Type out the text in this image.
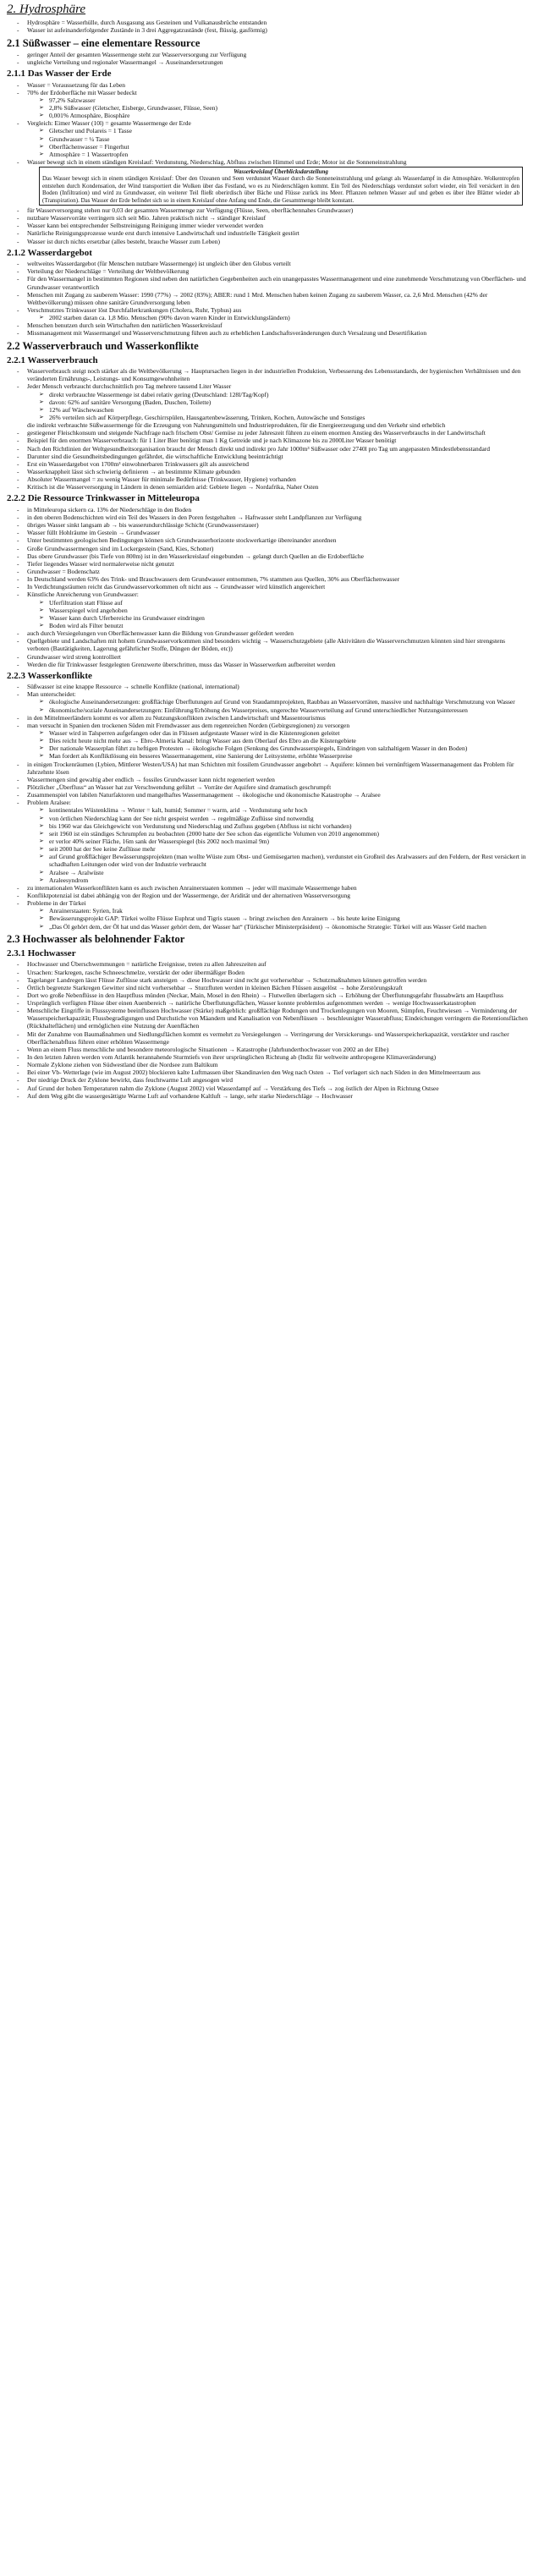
2. Hydrosphäre
- Hydrosphäre = Wasserhülle, durch Ausgasung aus Gesteinen und Vulkanausbrüche entstanden
- Wasser ist aufeinanderfolgender Zustände in 3 drei Aggregatzustände (fest, flüssig, gasförmig)
2.1 Süßwasser – eine elementare Ressource
- geringer Anteil der gesamten Wassermenge steht zur Wasserversorgung zur Verfügung
- ungleiche Verteilung und regionaler Wassermangel → Auseinandersetzungen
2.1.1 Das Wasser der Erde
- Wasser = Voraussetzung für das Leben
- 70% der Erdoberfläche mit Wasser bedeckt
➢ 97,2% Salzwasser
➢ 2,8% Süßwasser (Gletscher, Eisberge, Grundwasser, Flüsse, Seen)
➢ 0,001% Atmosphäre, Biosphäre
- Vergleich: Eimer Wasser (10l) = gesamte Wassermenge der Erde
➢ Gletscher und Polareis = 1 Tasse
➢ Grundwasser = ¼ Tasse
➢ Oberflächenwasser = Fingerhut
➢ Atmosphäre = 1 Wassertropfen
- Wasser bewegt sich in einem ständigen Kreislauf: Verdunstung, Niederschlag, Abfluss zwischen Himmel und Erde; Motor ist die Sonneneinstrahlung
Wasserkreislauf Überblicksdarstellung

Das Wasser bewegt sich in einem ständigen Kreislauf: Über den Ozeanen und Seen verdunstet Wasser durch die Sonneneinstrahlung und gelangt als Wasserdampf in die Atmosphäre. Wolkentropfen entstehen durch Kondensation, der Wind transportiert die Wolken über das Festland, wo es zu Niederschlägen kommt. Ein Teil des Niederschlags verdunstet sofort wieder, ein Teil versickert in den Boden (Infiltration) und wird zu Grundwasser, ein weiterer Teil fließt oberirdisch über Bäche und Flüsse zurück ins Meer. Pflanzen nehmen Wasser auf und geben es über ihre Blätter wieder ab (Transpiration). Das Wasser der Erde befindet sich so in einem Kreislauf ohne Anfang und Ende, die Gesamtmenge bleibt konstant.

- für Wasserversorgung stehen nur 0,03 der gesamten Wassermenge zur Verfügung (Flüsse, Seen, oberflächennahes Grundwasser)
- nutzbare Wasservorräte verringern sich seit Mio. Jahren praktisch nicht → ständiger Kreislauf
- Wasser kann bei entsprechender Selbstreinigung Reinigung immer wieder verwendet werden
- Natürliche Reinigungsprozesse wurde erst durch intensive Landwirtschaft und industrielle Tätigkeit gestört
- Wasser ist durch nichts ersetzbar (alles besteht, brauche Wasser zum Leben)
2.1.2 Wasserdargebot
- weltweites Wasserdargebot (für Menschen nutzbare Wassermenge) ist ungleich über den Globus verteilt
- Verteilung der Niederschläge = Verteilung der Weltbevölkerung
- Für den Wassermangel in bestimmten Regionen sind neben den natürlichen Gegebenheiten auch ein unangepasstes Wassermanagement und eine zunehmende Verschmutzung von Oberflächen- und Grundwasser verantwortlich
- Menschen mit Zugang zu sauberem Wasser: 1990 (77%) → 2002 (83%); ABER: rund 1 Mrd. Menschen haben keinen Zugang zu sauberem Wasser, ca. 2,6 Mrd. Menschen (42% der Weltbevölkerung) müssen ohne sanitäre Grundversorgung leben
- Verschmutztes Trinkwasser löst Durchfallerkrankungen (Cholera, Ruhr, Typhus) aus
➢ 2002 starben daran ca. 1,8 Mio. Menschen (90% davon waren Kinder in Entwicklungsländern)
- Menschen benutzen durch sein Wirtschaften den natürlichen Wasserkreislauf
- Missmanagement mit Wassermangel und Wasserverschmutzung führen auch zu erheblichen Landschaftsveränderungen durch Versalzung und Desertifikation
2.2 Wasserverbrauch und Wasserkonflikte
2.2.1 Wasserverbrauch
- Wasserverbrauch steigt noch stärker als die Weltbevölkerung → Hauptursachen liegen in der industriellen Produktion, Verbesserung des Lebensstandards, der hygienischen Verhältnissen und den veränderten Ernährungs-, Leistungs- und Konsumgewohnheiten
- Jeder Mensch verbraucht durchschnittlich pro Tag mehrere tausend Liter Wasser
➢ direkt verbrauchte Wassermenge ist dabei relativ gering (Deutschland: 128l/Tag/Kopf)
➢ davon: 62% auf sanitäre Versorgung (Baden, Duschen, Toilette)
➢ 12% auf Wäschewaschen
➢ 26% verteilen sich auf Körperpflege, Geschirrspülen, Hausgartenbewässerung, Trinken, Kochen, Autowäsche und Sonstiges
die indirekt verbrauchte Süßwassermenge für die Erzeugung von Nahrungsmitteln und Industrieprodukten, für die Energieerzeugung und den Verkehr sind erheblich
- gestiegener Fleischkonsum und steigende Nachfrage nach frischem Obst/ Gemüse zu jeder Jahreszeit führen zu einem enormen Anstieg des Wasserverbrauchs in der Landwirtschaft
- Beispiel für den enormen Wasserverbrauch: für 1 Liter Bier benötigt man 1 Kg Getreide und je nach Klimazone bis zu 2000Liter Wasser benötigt
- Nach den Richtlinien der Weltgesundheitsorganisation braucht der Mensch direkt und indirekt pro Jahr 1000m³ Süßwasser oder 2740l pro Tag um angepassten Mindestlebensstandard
- Darunter sind die Gesundheitsbedingungen gefährdet, die wirtschaftliche Entwicklung beeinträchtigt
- Erst ein Wasserdargebot von 1700m³ einwohnerbaren Trinkwassers gilt als ausreichend
- Wasserknappheit lässt sich schwierig definieren → an bestimmte Klimate gebunden
- Absoluter Wassermangel = zu wenig Wasser für minimale Bedürfnisse (Trinkwasser, Hygiene) vorhanden
- Kritisch ist die Wasserversorgung in Ländern in denen semiariden arid: Gebiete liegen → Nordafrika, Naher Osten
2.2.2 Die Ressource Trinkwasser in Mitteleuropa
- in Mitteleuropa sickern ca. 13% der Niederschläge in den Boden
- in den oberen Bodenschichten wird ein Teil des Wassers in den Poren festgehalten → Haftwasser steht Landpflanzen zur Verfügung
- übriges Wasser sinkt langsam ab → bis wasserundurchlässige Schicht (Grundwasserstauer)
- Wasser füllt Hohlräume im Gestein → Grundwasser
- Unter bestimmten geologischen Bedingungen können sich Grundwasserhorizonte stockwerkartige übereinander anordnen
- Große Grundwassermengen sind im Lockergestein (Sand, Kies, Schotter)
- Das obere Grundwasser (bis Tiefe von 800m) ist in den Wasserkreislauf eingebunden → gelangt durch Quellen an die Erdoberfläche
- Tiefer liegendes Wasser wird normalerweise nicht genutzt
- Grundwasser = Bodenschatz
- In Deutschland werden 63% des Trink- und Brauchwassers dem Grundwasser entnommen, 7% stammen aus Quellen, 30% aus Oberflächenwasser
- In Verdichtungsräumen reicht das Grundwasservorkommen oft nicht aus → Grundwasser wird künstlich angereichert
- Künstliche Anreicherung von Grundwasser:
➢ Uferfiltration statt Flüsse auf
➢ Wasserspiegel wird angehoben
➢ Wasser kann durch Uferbereiche ins Grundwasser eindringen
➢ Boden wird als Filter benutzt
- auch durch Versiegelungen von Oberflächenwasser kann die Bildung von Grundwasser gefördert werden
- Quellgebiete und Landschaften mit hohem Grundwasservorkommen sind besonders wichtig → Wasserschutzgebiete (alle Aktivitäten die Wasserverschmutzen könnten sind hier strengstens verboten (Bautätigkeiten, Lagerung gefährlicher Stoffe, Düngen der Böden, etc))
- Grundwasser wird streng kontrolliert
- Werden die für Trinkwasser festgelegten Grenzwerte überschritten, muss das Wasser in Wasserwerken aufbereitet werden
2.2.3 Wasserkonflikte
- Süßwasser ist eine knappe Ressource → schnelle Konflikte (national, international)
- Man unterscheidet:
➢ ökologische Auseinandersetzungen: großflächige Überflutungen auf Grund von Staudammprojekten, Raubbau an Wasservorräten, massive und nachhaltige Verschmutzung von Wasser
➢ ökonomische/soziale Auseinandersetzungen: Einführung/Erhöhung des Wasserpreises, ungerechte Wasserverteilung auf Grund unterschiedlicher Nutzungsinteressen
- in den Mittelmeerländern kommt es vor allem zu Nutzungskonflikten zwischen Landwirtschaft und Massentourismus
- man versucht in Spanien den trockenen Süden mit Fremdwasser aus dem regenreichen Norden (Gebirgsregionen) zu versorgen
➢ Wasser wird in Talsperren aufgefangen oder das in Flüssen aufgestaute Wasser wird in die Küstenregionen geleitet
➢ Dies reicht heute nicht mehr aus → Ebro-Almeria Kanal: bringt Wasser aus dem Oberlauf des Ebro an die Küstengebiete
➢ Der nationale Wasserplan führt zu heftigen Protesten → ökologische Folgen (Senkung des Grundwasserspiegels, Eindringen von salzhaltigem Wasser in den Boden)
➢ Man fordert als Konfliktlösung ein besseres Wassermanagement, eine Sanierung der Leitsysteme, erhöhte Wasserpreise
- in einigen Trockenräumen (Lybien, Mittlerer Westen/USA) hat man Schichten mit fossilem Grundwasser angebohrt → Aquifere: können bei vernünftigem Wassermanagement das Problem für Jahrzehnte lösen
- Wassermengen sind gewaltig aber endlich → fossiles Grundwasser kann nicht regeneriert werden
- Plötzlicher „Überfluss“ an Wasser hat zur Verschwendung geführt → Vorräte der Aquifere sind dramatisch geschrumpft
- Zusammenspiel von labilen Naturfaktoren und mangelhaftes Wassermanagement → ökologische und ökonomische Katastrophe → Aralsee
- Problem Aralsee:
➢ kontinentales Wüstenklima → Winter = kalt, humid; Sommer = warm, arid → Verdunstung sehr hoch
➢ von örtlichen Niederschlag kann der See nicht gespeist werden → regelmäßige Zuflüsse sind notwendig
➢ bis 1960 war das Gleichgewicht von Verdunstung und Niederschlag und Zufluss gegeben (Abfluss ist nicht vorhanden)
➢ seit 1960 ist ein ständiges Schrumpfen zu beobachten (2000 hatte der See schon das eigentliche Volumen von 2010 angenommen)
➢ er verlor 40% seiner Fläche, 16m sank der Wasserspiegel (bis 2002 noch maximal 9m)
➢ seit 2000 hat der See keine Zuflüsse mehr
➢ auf Grund großflächiger Bewässerungsprojekten (man wollte Wüste zum Obst- und Gemüsegarten machen), verdunstet ein Großteil des Aralwassers auf den Feldern, der Rest versickert in schadhaften Leitungen oder wird von der Industrie verbraucht
➢ Aralsee → Aralwüste
➢ Araleesyndrom
- zu internationalen Wasserkonflikten kann es auch zwischen Anrainerstaaten kommen → jeder will maximale Wassermenge haben
- Konfliktpotenzial ist dabei abhängig von der Region und der Wassermenge, der Aridität und der alternativen Wasserversorgung
- Probleme in der Türkei
➢ Anrainerstaaten: Syrien, Irak
➢ Bewässerungsprojekt GAP: Türkei wollte Flüsse Euphrat und Tigris stauen → bringt zwischen den Anrainern → bis heute keine Einigung
➢ „Das Öl gehört dem, der Öl hat und das Wasser gehört dem, der Wasser hat“ (Türkischer Ministerpräsident) → ökonomische Strategie: Türkei will aus Wasser Geld machen
2.3 Hochwasser als belohnender Faktor
2.3.1 Hochwasser
- Hochwasser und Überschwemmungen = natürliche Ereignisse, treten zu allen Jahreszeiten auf
- Ursachen: Starkregen, rasche Schneeschmelze, verstärkt der oder übermäßiger Boden
- Tagelanger Landregen lässt Flüsse Zuflüsse stark ansteigen → diese Hochwasser sind recht gut vorhersehbar → Schutzmaßnahmen können getroffen werden
- Örtlich begrenzte Starkregen Gewitter sind nicht vorhersehbar → Sturzfluten werden in kleinen Bächen Flüssen ausgelöst → hohe Zerstörungskraft
- Dort wo große Nebenflüsse in den Hauptfluss münden (Neckar, Main, Mosel in den Rhein) → Flutwellen überlagern sich → Erhöhung der Überflutungsgefahr flussabwärts am Hauptfluss
- Ursprünglich verfügten Flüsse über einen Auenbereich → natürliche Überflutungsflächen, Wasser konnte problemlos aufgenommen werden → wenige Hochwasserkatastrophen
- Menschliche Eingriffe in Flusssysteme beeinflussen Hochwasser (Stärke) maßgeblich: großflächige Rodungen und Trockenlegungen von Mooren, Sümpfen, Feuchtwiesen → Verminderung der Wasserspeicherkapazität; Flussbegradigungen und Durchstiche von Mäandern und Kanalisation von Nebenflüssen → beschleunigter Wasserabfluss; Eindeichungen verringern die Retentionsflächen (Rückhalteflächen) und ermöglichen eine Nutzung der Auenflächen
- Mit der Zunahme von Baumaßnahmen und Siedlungsflächen kommt es vermehrt zu Versiegelungen → Verringerung der Versickerungs- und Wasserspeicherkapazität, verstärkter und rascher Oberflächenabfluss führen einer erhöhten Wassermenge
- Wenn an einem Fluss menschliche und besondere meteorologische Situationen → Katastrophe (Jahrhunderthochwasser von 2002 an der Elbe)
- In den letzten Jahren werden vom Atlantik herannahende Sturmtiefs von ihrer ursprünglichen Richtung ab (Indiz für weltweite anthropogene Klimaveränderung)
- Normale Zyklone ziehen von Südwestland über die Nordsee zum Baltikum
- Bei einer Vb- Wetterlage (wie im August 2002) blockieren kalte Luftmassen über Skandinavien den Weg nach Osten → Tief verlagert sich nach Süden in den Mittelmeerraum aus
- Der niedrige Druck der Zyklone bewirkt, dass feuchtwarme Luft angesogen wird
- Auf Grund der hohen Temperaturen nahm die Zyklone (August 2002) viel Wasserdampf auf → Verstärkung des Tiefs → zog östlich der Alpen in Richtung Ostsee
- Auf dem Weg gibt die wassergesättigte Warme Luft auf vorhandene Kaltluft → lange, sehr starke Niederschläge → Hochwasser
